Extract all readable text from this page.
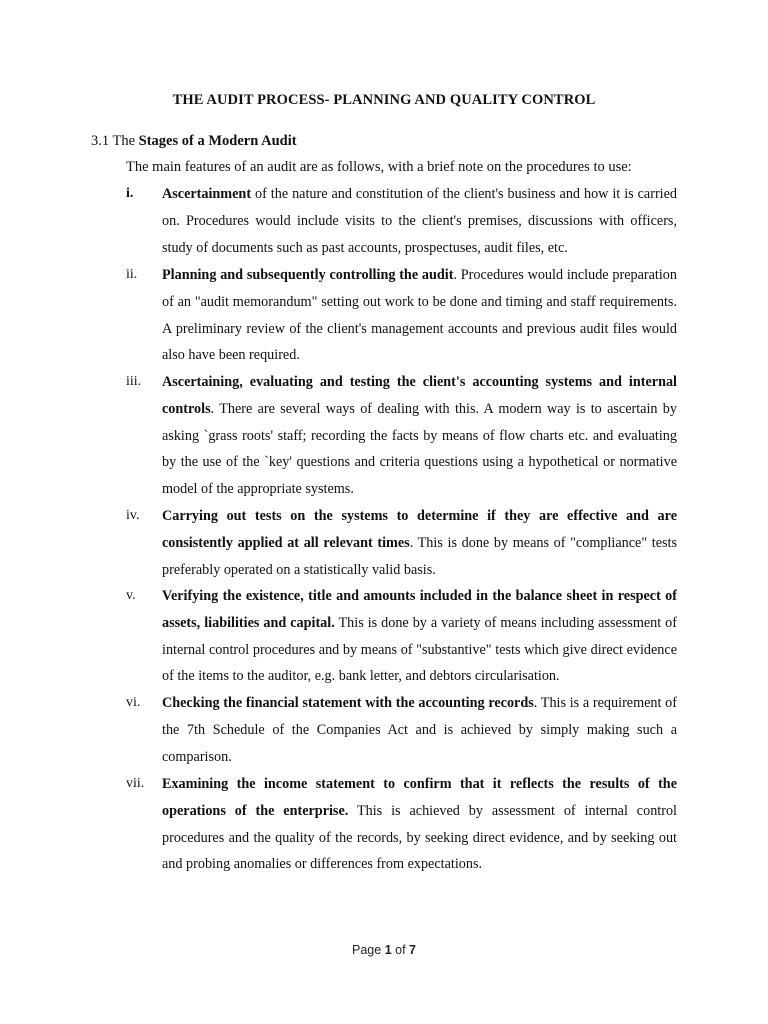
THE AUDIT PROCESS- PLANNING AND QUALITY CONTROL
3.1 The Stages of a Modern Audit
The main features of an audit are as follows, with a brief note on the procedures to use:
i. Ascertainment of the nature and constitution of the client's business and how it is carried on. Procedures would include visits to the client's premises, discussions with officers, study of documents such as past accounts, prospectuses, audit files, etc.
ii. Planning and subsequently controlling the audit. Procedures would include preparation of an "audit memorandum" setting out work to be done and timing and staff requirements. A preliminary review of the client's management accounts and previous audit files would also have been required.
iii. Ascertaining, evaluating and testing the client's accounting systems and internal controls. There are several ways of dealing with this. A modern way is to ascertain by asking `grass roots' staff; recording the facts by means of flow charts etc. and evaluating by the use of the `key' questions and criteria questions using a hypothetical or normative model of the appropriate systems.
iv. Carrying out tests on the systems to determine if they are effective and are consistently applied at all relevant times. This is done by means of "compliance" tests preferably operated on a statistically valid basis.
v. Verifying the existence, title and amounts included in the balance sheet in respect of assets, liabilities and capital. This is done by a variety of means including assessment of internal control procedures and by means of "substantive" tests which give direct evidence of the items to the auditor, e.g. bank letter, and debtors circularisation.
vi. Checking the financial statement with the accounting records. This is a requirement of the 7th Schedule of the Companies Act and is achieved by simply making such a comparison.
vii. Examining the income statement to confirm that it reflects the results of the operations of the enterprise. This is achieved by assessment of internal control procedures and the quality of the records, by seeking direct evidence, and by seeking out and probing anomalies or differences from expectations.
Page 1 of 7
